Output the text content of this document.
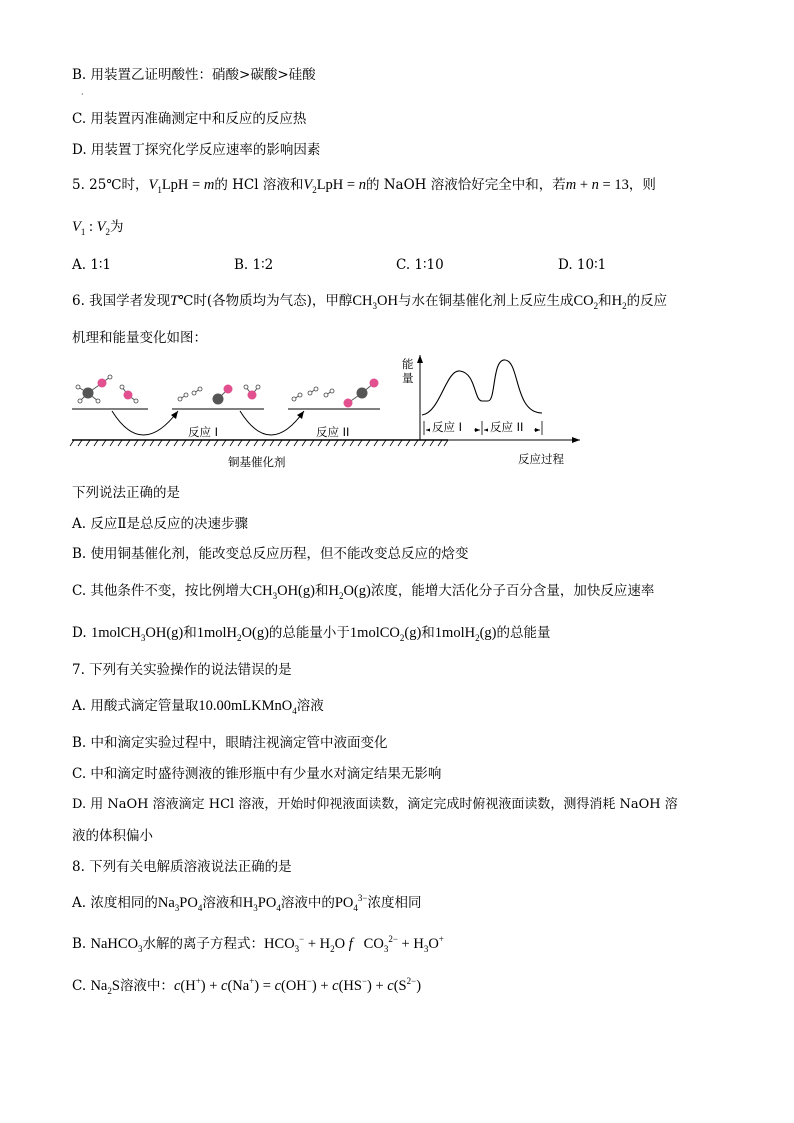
B. 用装置乙证明酸性：硝酸>碳酸>硅酸
·
C. 用装置丙准确测定中和反应的反应热
D. 用装置丁探究化学反应速率的影响因素
5. 25℃时，$V_1LpH = m$的 HCl 溶液和$V_2LpH = n$的 NaOH 溶液恰好完全中和，若m + n = 13，则
$V_1$ : $V_2$为
A. 1∶1	B. 1∶2	C. 1∶10	D. 10∶1
6. 我国学者发现T℃时(各物质均为气态)，甲醇$CH_3OH$与水在铜基催化剂上反应生成$CO_2$和$H_2$的反应
机理和能量变化如图：
反应 I	反应 II
铜基催化剂
能
量
反应 I 反应 II
反应过程
下列说法正确的是
A. 反应Ⅱ是总反应的决速步骤
B. 使用铜基催化剂，能改变总反应历程，但不能改变总反应的焓变
C. 其他条件不变，按比例增大$CH_3OH(g)$和$H_2O(g)$浓度，能增大活化分子百分含量，加快反应速率
D. 1molCH$_3$OH(g)和1molH$_2$O(g)的总能量小于1molCO$_2$(g)和1molH$_2$(g)的总能量
7. 下列有关实验操作的说法错误的是
A. 用酸式滴定管量取10.00mLKMnO$_4$溶液
B. 中和滴定实验过程中，眼睛注视滴定管中液面变化
C. 中和滴定时盛待测液的锥形瓶中有少量水对滴定结果无影响
D. 用 NaOH 溶液滴定 HCl 溶液，开始时仰视液面读数，滴定完成时俯视液面读数，测得消耗 NaOH 溶
液的体积偏小
8. 下列有关电解质溶液说法正确的是
A. 浓度相同的$Na_3PO_4$溶液和$H_3PO_4$溶液中的$PO_4^{3-}$浓度相同
B. NaHCO$_3$水解的离子方程式：$HCO_3^- + H_2O$ f   $CO_3^{2-} + H_3O^+$
C. $Na_2S$溶液中：$c(H^+) + c(Na^+) = c(OH^-) + c(HS^-) + c(S^{2-})$
